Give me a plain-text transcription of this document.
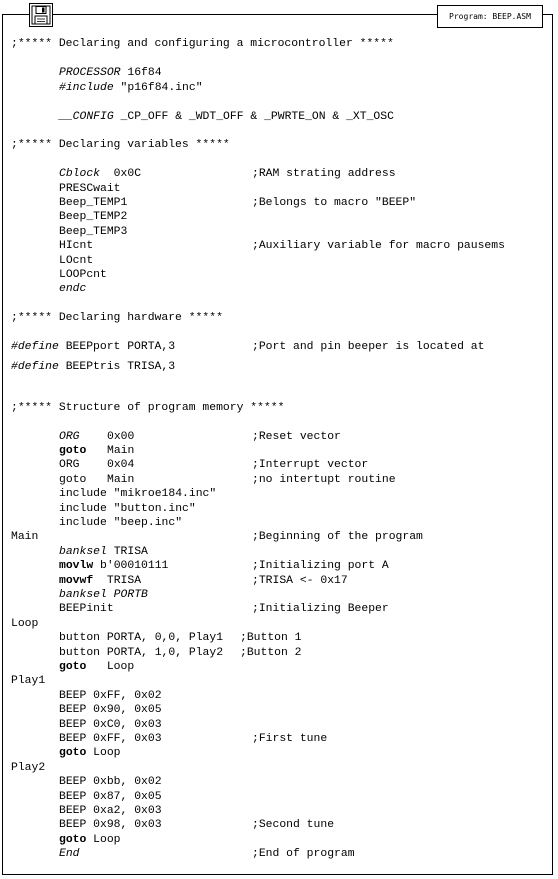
Program: BEEP.ASM
;***** Declaring and configuring a microcontroller *****
PROCESSOR 16f84
#include "p16f84.inc"
__CONFIG _CP_OFF & _WDT_OFF & _PWRTE_ON & _XT_OSC
;***** Declaring variables *****
Cblock  0x0C	;RAM strating address
PRESCwait
Beep_TEMP1	;Belongs to macro "BEEP"
Beep_TEMP2
Beep_TEMP3
HIcnt	;Auxiliary variable for macro pausems
LOcnt
LOOPcnt
endc
;***** Declaring hardware *****
#define BEEPport PORTA,3	;Port and pin beeper is located at
#define BEEPtris TRISA,3
;***** Structure of program memory *****
ORG 0x00	;Reset vector
goto Main
ORG 0x04	;Interrupt vector
goto Main	;no intertupt routine
include "mikroe184.inc"
include "button.inc"
include "beep.inc"
Main	;Beginning of the program
banksel TRISA
movlw b'00010111	;Initializing port A
movwf  TRISA	;TRISA <- 0x17
banksel PORTB
BEEPinit	;Initializing Beeper
Loop
button PORTA, 0,0, Play1 ;Button 1
button PORTA, 1,0, Play2 ;Button 2
goto   Loop
Play1
BEEP 0xFF, 0x02
BEEP 0x90, 0x05
BEEP 0xC0, 0x03
BEEP 0xFF, 0x03	;First tune
goto Loop
Play2
BEEP 0xbb, 0x02
BEEP 0x87, 0x05
BEEP 0xa2, 0x03
BEEP 0x98, 0x03	;Second tune
goto Loop
End	;End of program
